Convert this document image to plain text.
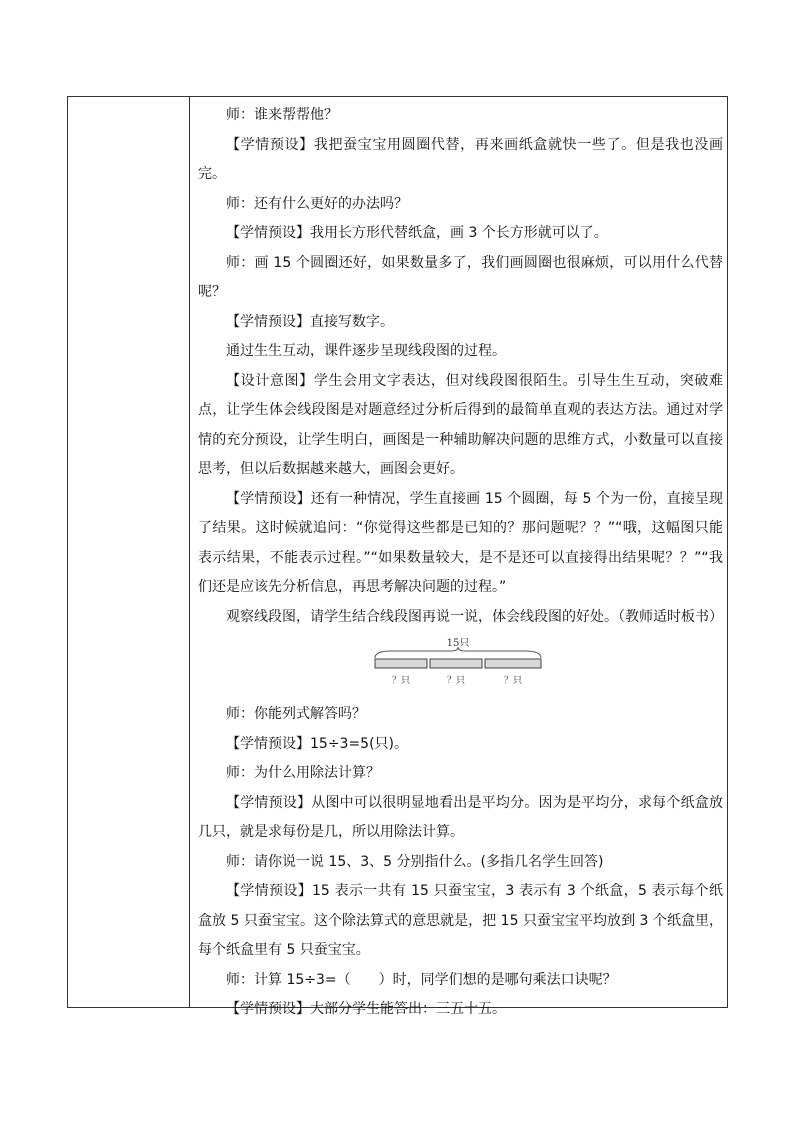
师：谁来帮帮他？

【学情预设】我把蚕宝宝用圆圈代替，再来画纸盒就快一些了。但是我也没画完。

师：还有什么更好的办法吗？

【学情预设】我用长方形代替纸盒，画 3 个长方形就可以了。

师：画 15 个圆圈还好，如果数量多了，我们画圆圈也很麻烦，可以用什么代替呢？

【学情预设】直接写数字。

通过生生互动，课件逐步呈现线段图的过程。

【设计意图】学生会用文字表达，但对线段图很陌生。引导生生互动，突破难点，让学生体会线段图是对题意经过分析后得到的最简单直观的表达方法。通过对学情的充分预设，让学生明白，画图是一种辅助解决问题的思维方式，小数量可以直接思考，但以后数据越来越大，画图会更好。

【学情预设】还有一种情况，学生直接画 15 个圆圈，每 5 个为一份，直接呈现了结果。这时候就追问：“你觉得这些都是已知的？那问题呢？？”“哦，这幅图只能表示结果，不能表示过程。”“如果数量较大，是不是还可以直接得出结果呢？？”“我们还是应该先分析信息，再思考解决问题的过程。”

观察线段图，请学生结合线段图再说一说，体会线段图的好处。（教师适时板书）

15只
？只	？只	？只

师：你能列式解答吗？

【学情预设】15÷3=5(只)。

师：为什么用除法计算？

【学情预设】从图中可以很明显地看出是平均分。因为是平均分，求每个纸盒放几只，就是求每份是几，所以用除法计算。

师：请你说一说 15、3、5 分别指什么。(多指几名学生回答)

【学情预设】15 表示一共有 15 只蚕宝宝，3 表示有 3 个纸盒，5 表示每个纸盒放 5 只蚕宝宝。这个除法算式的意思就是，把 15 只蚕宝宝平均放到 3 个纸盒里，每个纸盒里有 5 只蚕宝宝。

师：计算 15÷3=（　　）时，同学们想的是哪句乘法口诀呢？

【学情预设】大部分学生能答出：三五十五。
